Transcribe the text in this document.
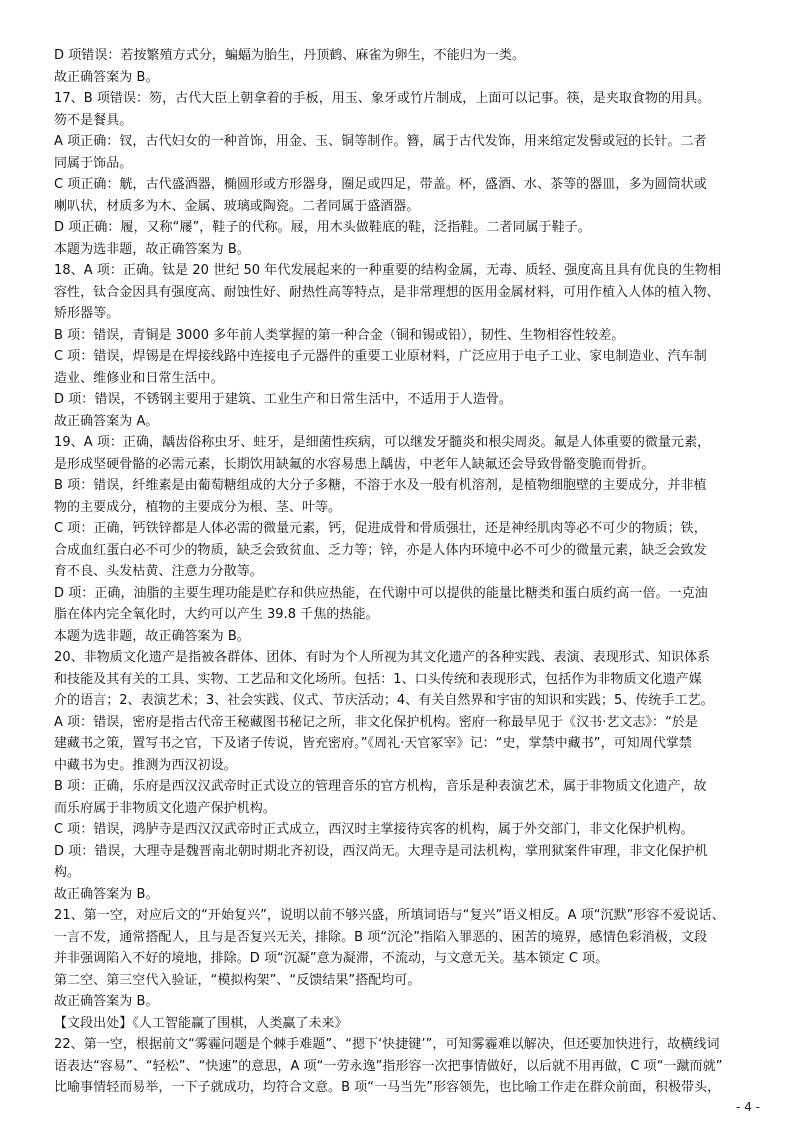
D 项错误：若按繁殖方式分，蝙蝠为胎生，丹顶鹤、麻雀为卵生，不能归为一类。
故正确答案为 B。
17、B 项错误：笏，古代大臣上朝拿着的手板，用玉、象牙或竹片制成，上面可以记事。筷，是夹取食物的用具。
笏不是餐具。
A 项正确：钗，古代妇女的一种首饰，用金、玉、铜等制作。簪，属于古代发饰，用来绾定发髻或冠的长针。二者
同属于饰品。
C 项正确：觥，古代盛酒器，椭圆形或方形器身，圈足或四足，带盖。杯，盛酒、水、茶等的器皿，多为圆筒状或
喇叭状，材质多为木、金属、玻璃或陶瓷。二者同属于盛酒器。
D 项正确：履，又称“屦”，鞋子的代称。屐，用木头做鞋底的鞋，泛指鞋。二者同属于鞋子。
本题为选非题，故正确答案为 B。
18、A 项：正确。钛是 20 世纪 50 年代发展起来的一种重要的结构金属，无毒、质轻、强度高且具有优良的生物相
容性，钛合金因具有强度高、耐蚀性好、耐热性高等特点，是非常理想的医用金属材料，可用作植入人体的植入物、
矫形器等。
B 项：错误，青铜是 3000 多年前人类掌握的第一种合金（铜和锡或铅），韧性、生物相容性较差。
C 项：错误，焊锡是在焊接线路中连接电子元器件的重要工业原材料，广泛应用于电子工业、家电制造业、汽车制
造业、维修业和日常生活中。
D 项：错误，不锈钢主要用于建筑、工业生产和日常生活中，不适用于人造骨。
故正确答案为 A。
19、A 项：正确，龋齿俗称虫牙、蛀牙，是细菌性疾病，可以继发牙髓炎和根尖周炎。氟是人体重要的微量元素，
是形成坚硬骨骼的必需元素，长期饮用缺氟的水容易患上龋齿，中老年人缺氟还会导致骨骼变脆而骨折。
B 项：错误，纤维素是由葡萄糖组成的大分子多糖，不溶于水及一般有机溶剂，是植物细胞壁的主要成分，并非植
物的主要成分，植物的主要成分为根、茎、叶等。
C 项：正确，钙铁锌都是人体必需的微量元素，钙，促进成骨和骨质强壮，还是神经肌肉等必不可少的物质；铁，
合成血红蛋白必不可少的物质，缺乏会致贫血、乏力等；锌，亦是人体内环境中必不可少的微量元素，缺乏会致发
育不良、头发枯黄、注意力分散等。
D 项：正确，油脂的主要生理功能是贮存和供应热能，在代谢中可以提供的能量比糖类和蛋白质约高一倍。一克油
脂在体内完全氧化时，大约可以产生 39.8 千焦的热能。
本题为选非题，故正确答案为 B。
20、非物质文化遗产是指被各群体、团体、有时为个人所视为其文化遗产的各种实践、表演、表现形式、知识体系
和技能及其有关的工具、实物、工艺品和文化场所。包括：1、口头传统和表现形式，包括作为非物质文化遗产媒
介的语言；2、表演艺术；3、社会实践、仪式、节庆活动；4、有关自然界和宇宙的知识和实践；5、传统手工艺。
A 项：错误，密府是指古代帝王秘藏图书秘记之所，非文化保护机构。密府一称最早见于《汉书·艺文志》：“於是
建藏书之策，置写书之官，下及诸子传说，皆充密府。”《周礼·天官冢宰》记：“史，掌禁中藏书”，可知周代掌禁
中藏书为史。推测为西汉初设。
B 项：正确，乐府是西汉汉武帝时正式设立的管理音乐的官方机构，音乐是种表演艺术，属于非物质文化遗产，故
而乐府属于非物质文化遗产保护机构。
C 项：错误，鸿胪寺是西汉汉武帝时正式成立，西汉时主掌接待宾客的机构，属于外交部门，非文化保护机构。
D 项：错误，大理寺是魏晋南北朝时期北齐初设，西汉尚无。大理寺是司法机构，掌刑狱案件审理，非文化保护机
构。
故正确答案为 B。
21、第一空，对应后文的“开始复兴”，说明以前不够兴盛，所填词语与“复兴”语义相反。A 项“沉默”形容不爱说话、
一言不发，通常搭配人，且与是否复兴无关，排除。B 项“沉沦”指陷入罪恶的、困苦的境界，感情色彩消极，文段
并非强调陷入不好的境地，排除。D 项“沉凝”意为凝滞，不流动，与文意无关。基本锁定 C 项。
第二空、第三空代入验证，“模拟构架”、“反馈结果”搭配均可。
故正确答案为 B。
【文段出处】《人工智能赢了围棋，人类赢了未来》
22、第一空，根据前文“雾霾问题是个棘手难题”、“摁下‘快捷键’”，可知雾霾难以解决，但还要加快进行，故横线词
语表达“容易”、“轻松”、“快速”的意思，A 项“一劳永逸”指形容一次把事情做好，以后就不用再做，C 项“一蹴而就”
比喻事情轻而易举，一下子就成功，均符合文意。B 项“一马当先”形容领先，也比喻工作走在群众前面，积极带头，
- 4 -
